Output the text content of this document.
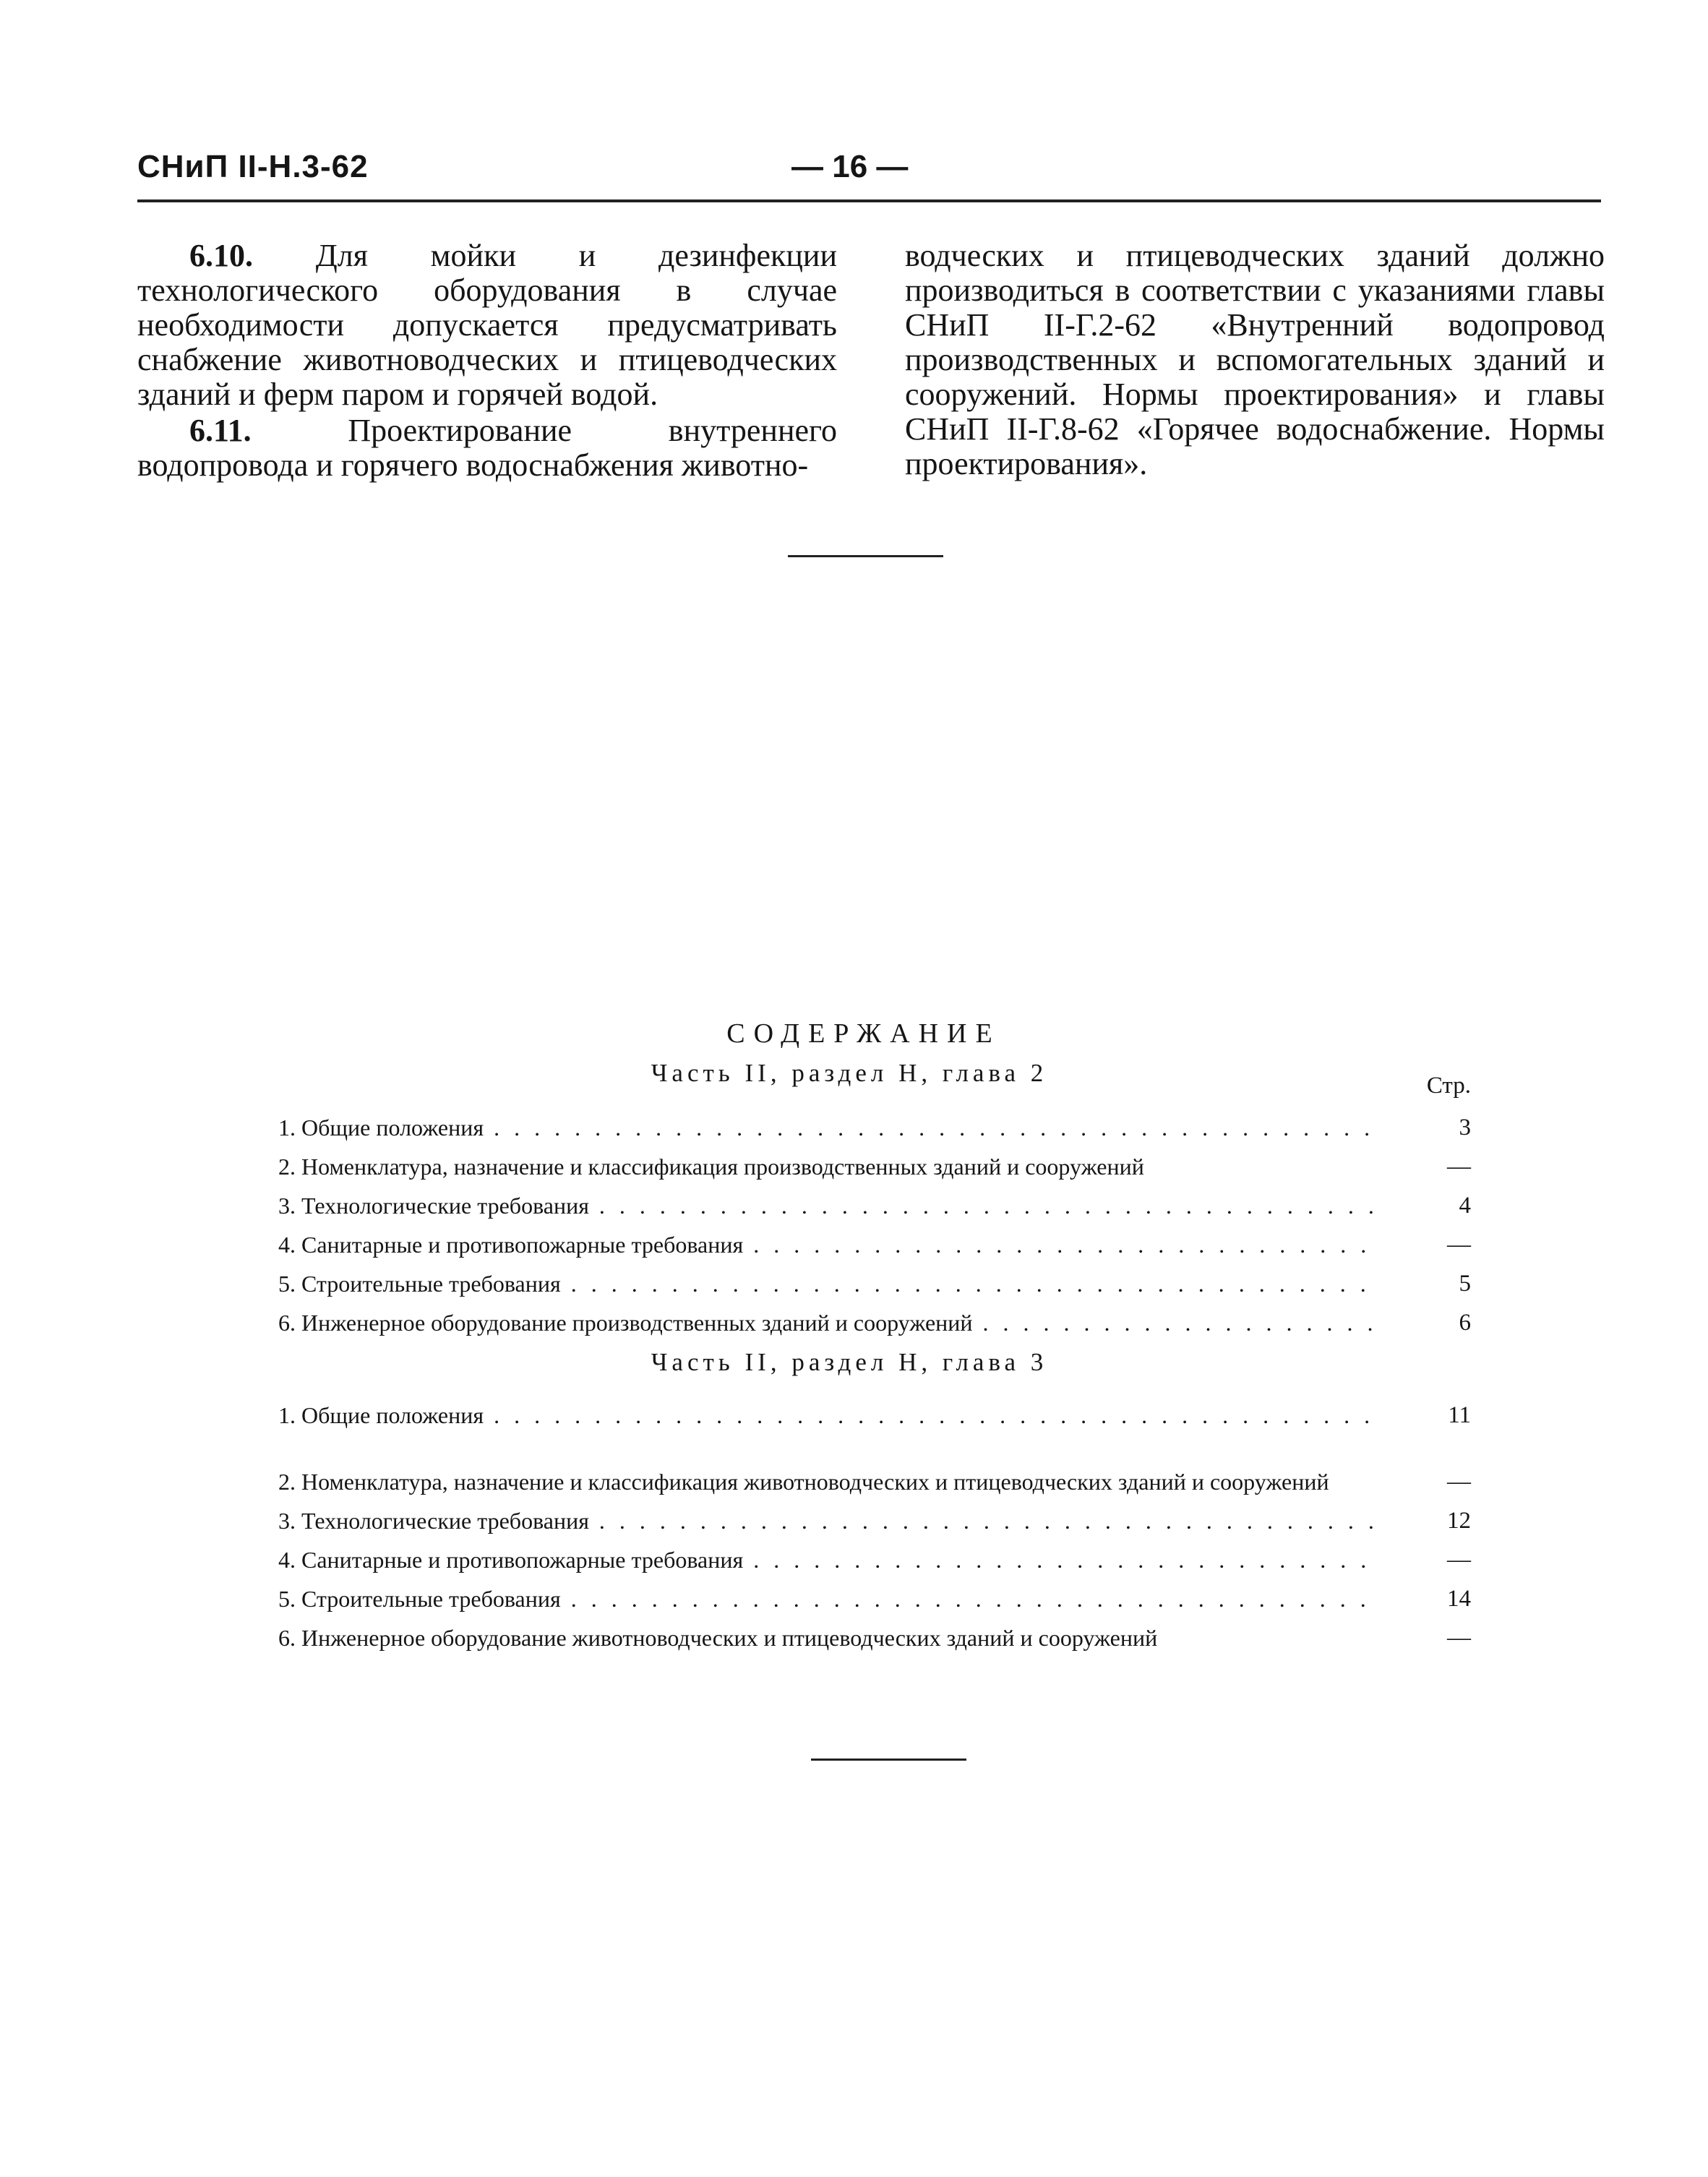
СНиП II-Н.3-62	— 16 —

6.10. Для мойки и дезинфекции технологического оборудования в случае необходимости допускается предусматривать снабжение животноводческих и птицеводческих зданий и ферм паром и горячей водой.

6.11.	Проектирование внутреннего водопровода и горячего водоснабжения животно-

водческих и птицеводческих зданий должно производиться в соответствии с указаниями главы СНиП II-Г.2-62 «Внутренний водопровод производственных и вспомогательных зданий и сооружений. Нормы проектирования» и главы СНиП II-Г.8-62 «Горячее водоснабжение. Нормы проектирования».

СОДЕРЖАНИЕ
Часть II, раздел Н, глава 2	Стр.
1. Общие положения . . .	3
2. Номенклатура, назначение и классификация производственных зданий и сооружений	—
3. Технологические требования . . .	4
4. Санитарные и противопожарные требования . . .	—
5. Строительные требования . . .	5
6. Инженерное оборудование производственных зданий и сооружений . . .	6
Часть II, раздел Н, глава 3
1. Общие положения . . .	11
2. Номенклатура, назначение и классификация животноводческих и птицеводческих зданий и сооружений	—
3. Технологические требования . . .	12
4. Санитарные и противопожарные требования . . .	—
5. Строительные требования . . .	14
6. Инженерное оборудование животноводческих и птицеводческих зданий и сооружений	—
